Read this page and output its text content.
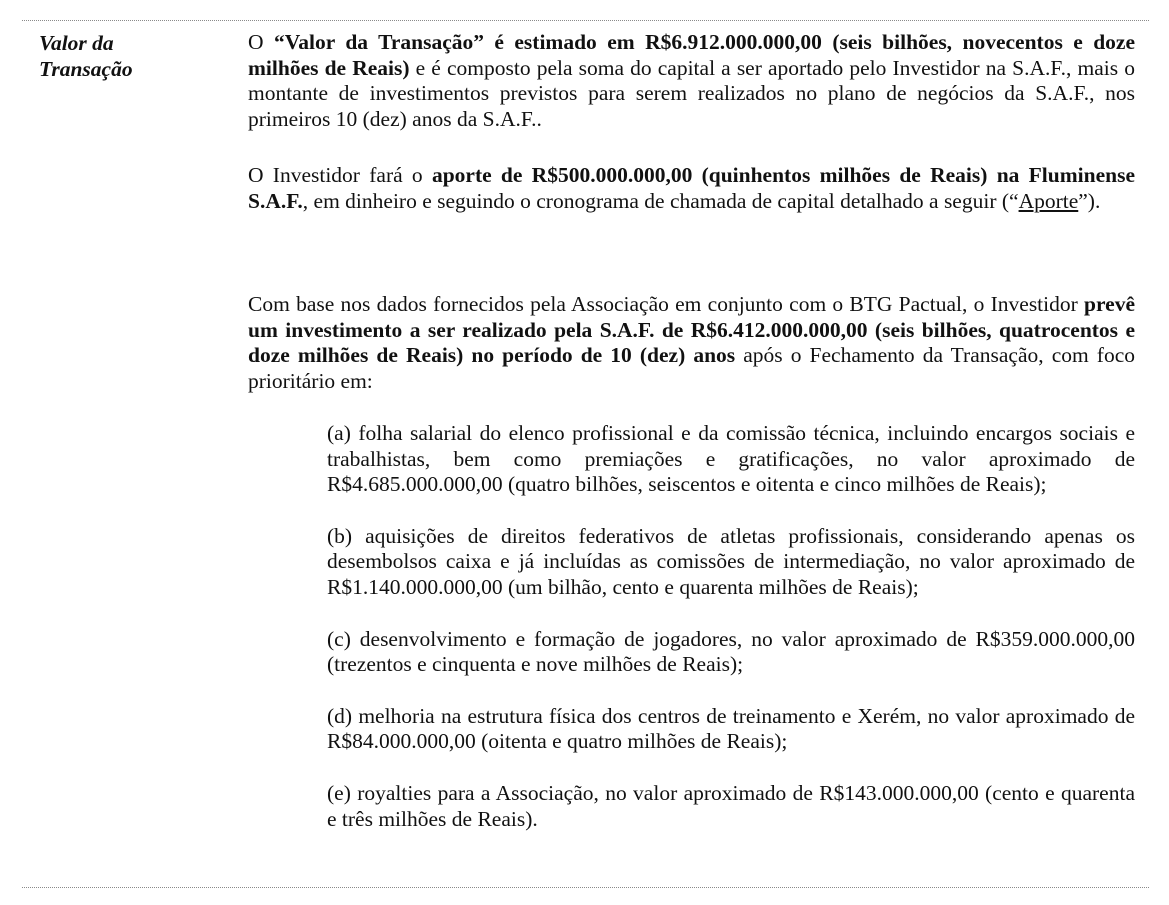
Valor da
Transação

O “Valor da Transação” é estimado em R$6.912.000.000,00 (seis bilhões, novecentos e doze milhões de Reais) e é composto pela soma do capital a ser aportado pelo Investidor na S.A.F., mais o montante de investimentos previstos para serem realizados no plano de negócios da S.A.F., nos primeiros 10 (dez) anos da S.A.F..

O Investidor fará o aporte de R$500.000.000,00 (quinhentos milhões de Reais) na Fluminense S.A.F., em dinheiro e seguindo o cronograma de chamada de capital detalhado a seguir (“Aporte”).

Com base nos dados fornecidos pela Associação em conjunto com o BTG Pactual, o Investidor prevê um investimento a ser realizado pela S.A.F. de R$6.412.000.000,00 (seis bilhões, quatrocentos e doze milhões de Reais) no período de 10 (dez) anos após o Fechamento da Transação, com foco prioritário em:

(a) folha salarial do elenco profissional e da comissão técnica, incluindo encargos sociais e trabalhistas, bem como premiações e gratificações, no valor aproximado de R$4.685.000.000,00 (quatro bilhões, seiscentos e oitenta e cinco milhões de Reais);

(b) aquisições de direitos federativos de atletas profissionais, considerando apenas os desembolsos caixa e já incluídas as comissões de intermediação, no valor aproximado de R$1.140.000.000,00 (um bilhão, cento e quarenta milhões de Reais);

(c) desenvolvimento e formação de jogadores, no valor aproximado de R$359.000.000,00 (trezentos e cinquenta e nove milhões de Reais);

(d) melhoria na estrutura física dos centros de treinamento e Xerém, no valor aproximado de R$84.000.000,00 (oitenta e quatro milhões de Reais);

(e) royalties para a Associação, no valor aproximado de R$143.000.000,00 (cento e quarenta e três milhões de Reais).
